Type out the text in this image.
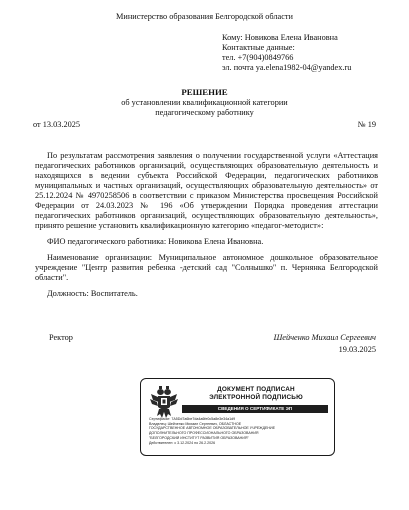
Министерство образования Белгородской области
Кому: Новикова Елена Ивановна
Контактные данные:
тел. +7(904)0849766
эл. почта ya.elena1982-04@yandex.ru
РЕШЕНИЕ
об установлении квалификационной категории
педагогическому работнику
от 13.03.2025	№ 19

По результатам рассмотрения заявления о получении государственной услуги «Аттестация педагогических работников организаций, осуществляющих образовательную деятельность и находящихся в ведении субъекта Российской Федерации, педагогических работников муниципальных и частных организаций, осуществляющих образовательную деятельность» от 25.12.2024 № 4970258506 в соответствии с приказом Министерства просвещения Российской Федерации от 24.03.2023 № 196 «Об утверждении Порядка проведения аттестации педагогических работников организаций, осуществляющих образовательную деятельность», принято решение установить квалификационную категорию «педагог-методист»:

ФИО педагогического работника: Новикова Елена Ивановна.

Наименование организации: Муниципальное автономное дошкольное образовательное учреждение "Центр развития ребенка -детский сад "Солнышко" п. Чернянка Белгородской области".

Должность: Воспитатель.

Ректор	Шейченко Михаил Сергеевич
19.03.2025
ДОКУМЕНТ ПОДПИСАН
ЭЛЕКТРОННОЙ ПОДПИСЬЮ
СВЕДЕНИЯ О СЕРТИФИКАТЕ ЭП
Сертификат: 7A5Dd7a6be7da4a6fe0c5a8e3e34a1d9
Владелец: Шейченко Михаил Сергеевич, ОБЛАСТНОЕ
ГОСУДАРСТВЕННОЕ АВТОНОМНОЕ ОБРАЗОВАТЕЛЬНОЕ УЧРЕЖДЕНИЕ
ДОПОЛНИТЕЛЬНОГО ПРОФЕССИОНАЛЬНОГО ОБРАЗОВАНИЯ
"БЕЛГОРОДСКИЙ ИНСТИТУТ РАЗВИТИЯ ОБРАЗОВАНИЯ"
Действителен: с 3.12.2024 по 26.2.2026
